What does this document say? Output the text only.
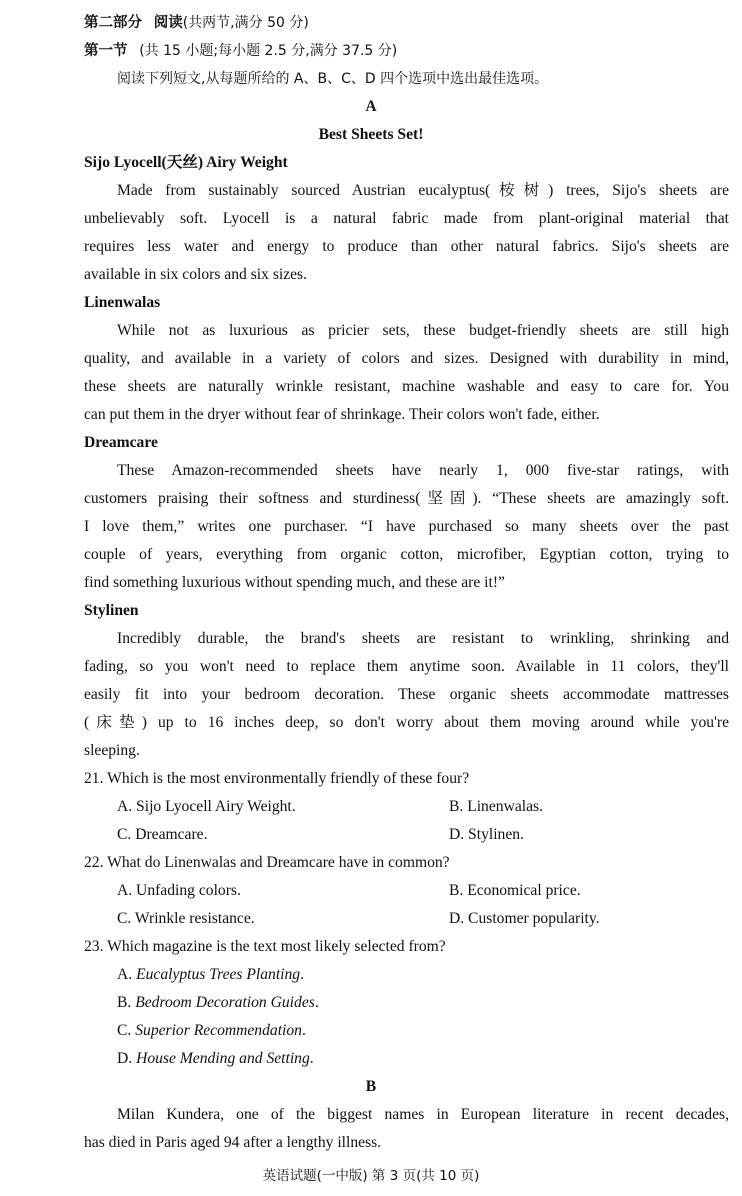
第二部分 阅读(共两节,满分 50 分)
第一节 (共 15 小题;每小题 2.5 分,满分 37.5 分)
阅读下列短文,从每题所给的 A、B、C、D 四个选项中选出最佳选项。
A
Best Sheets Set!
Sijo Lyocell(天丝) Airy Weight
Made from sustainably sourced Austrian eucalyptus(桉树) trees, Sijo's sheets are
unbelievably soft. Lyocell is a natural fabric made from plant-original material that
requires less water and energy to produce than other natural fabrics. Sijo's sheets are
available in six colors and six sizes.
Linenwalas
While not as luxurious as pricier sets, these budget-friendly sheets are still high
quality, and available in a variety of colors and sizes. Designed with durability in mind,
these sheets are naturally wrinkle resistant, machine washable and easy to care for. You
can put them in the dryer without fear of shrinkage. Their colors won't fade, either.
Dreamcare
These Amazon-recommended sheets have nearly 1, 000 five-star ratings, with
customers praising their softness and sturdiness(坚固). “These sheets are amazingly soft.
I love them,” writes one purchaser. “I have purchased so many sheets over the past
couple of years, everything from organic cotton, microfiber, Egyptian cotton, trying to
find something luxurious without spending much, and these are it!”
Stylinen
Incredibly durable, the brand's sheets are resistant to wrinkling, shrinking and
fading, so you won't need to replace them anytime soon. Available in 11 colors, they'll
easily fit into your bedroom decoration. These organic sheets accommodate mattresses
(床垫) up to 16 inches deep, so don't worry about them moving around while you're
sleeping.
21. Which is the most environmentally friendly of these four?
A. Sijo Lyocell Airy Weight.	B. Linenwalas.
C. Dreamcare.	D. Stylinen.
22. What do Linenwalas and Dreamcare have in common?
A. Unfading colors.	B. Economical price.
C. Wrinkle resistance.	D. Customer popularity.
23. Which magazine is the text most likely selected from?
A. Eucalyptus Trees Planting.
B. Bedroom Decoration Guides.
C. Superior Recommendation.
D. House Mending and Setting.
B
Milan Kundera, one of the biggest names in European literature in recent decades,
has died in Paris aged 94 after a lengthy illness.
英语试题(一中版) 第 3 页(共 10 页)
